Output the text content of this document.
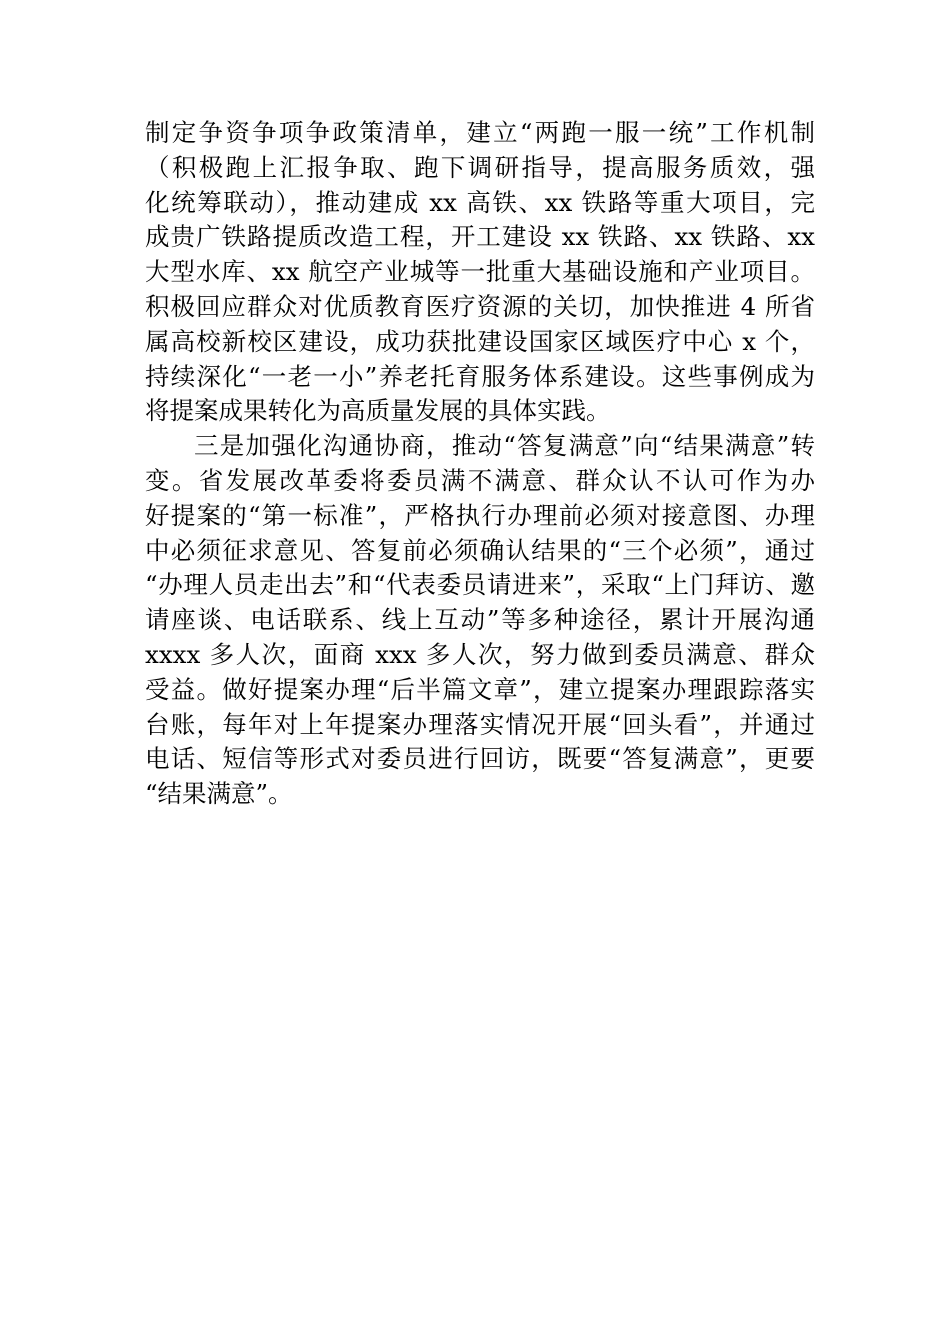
制定争资争项争政策清单，建立“两跑一服一统”工作机制
（积极跑上汇报争取、跑下调研指导，提高服务质效，强
化统筹联动），推动建成 xx 高铁、xx 铁路等重大项目，完
成贵广铁路提质改造工程，开工建设 xx 铁路、xx 铁路、xx
大型水库、xx 航空产业城等一批重大基础设施和产业项目。
积极回应群众对优质教育医疗资源的关切，加快推进 4 所省
属高校新校区建设，成功获批建设国家区域医疗中心 x 个，
持续深化“一老一小”养老托育服务体系建设。这些事例成为
将提案成果转化为高质量发展的具体实践。
三是加强化沟通协商，推动“答复满意”向“结果满意”转
变。省发展改革委将委员满不满意、群众认不认可作为办
好提案的“第一标准”，严格执行办理前必须对接意图、办理
中必须征求意见、答复前必须确认结果的“三个必须”，通过
“办理人员走出去”和“代表委员请进来”，采取“上门拜访、邀
请座谈、电话联系、线上互动”等多种途径，累计开展沟通
xxxx 多人次，面商 xxx 多人次，努力做到委员满意、群众
受益。做好提案办理“后半篇文章”，建立提案办理跟踪落实
台账，每年对上年提案办理落实情况开展“回头看”，并通过
电话、短信等形式对委员进行回访，既要“答复满意”，更要
“结果满意”。
